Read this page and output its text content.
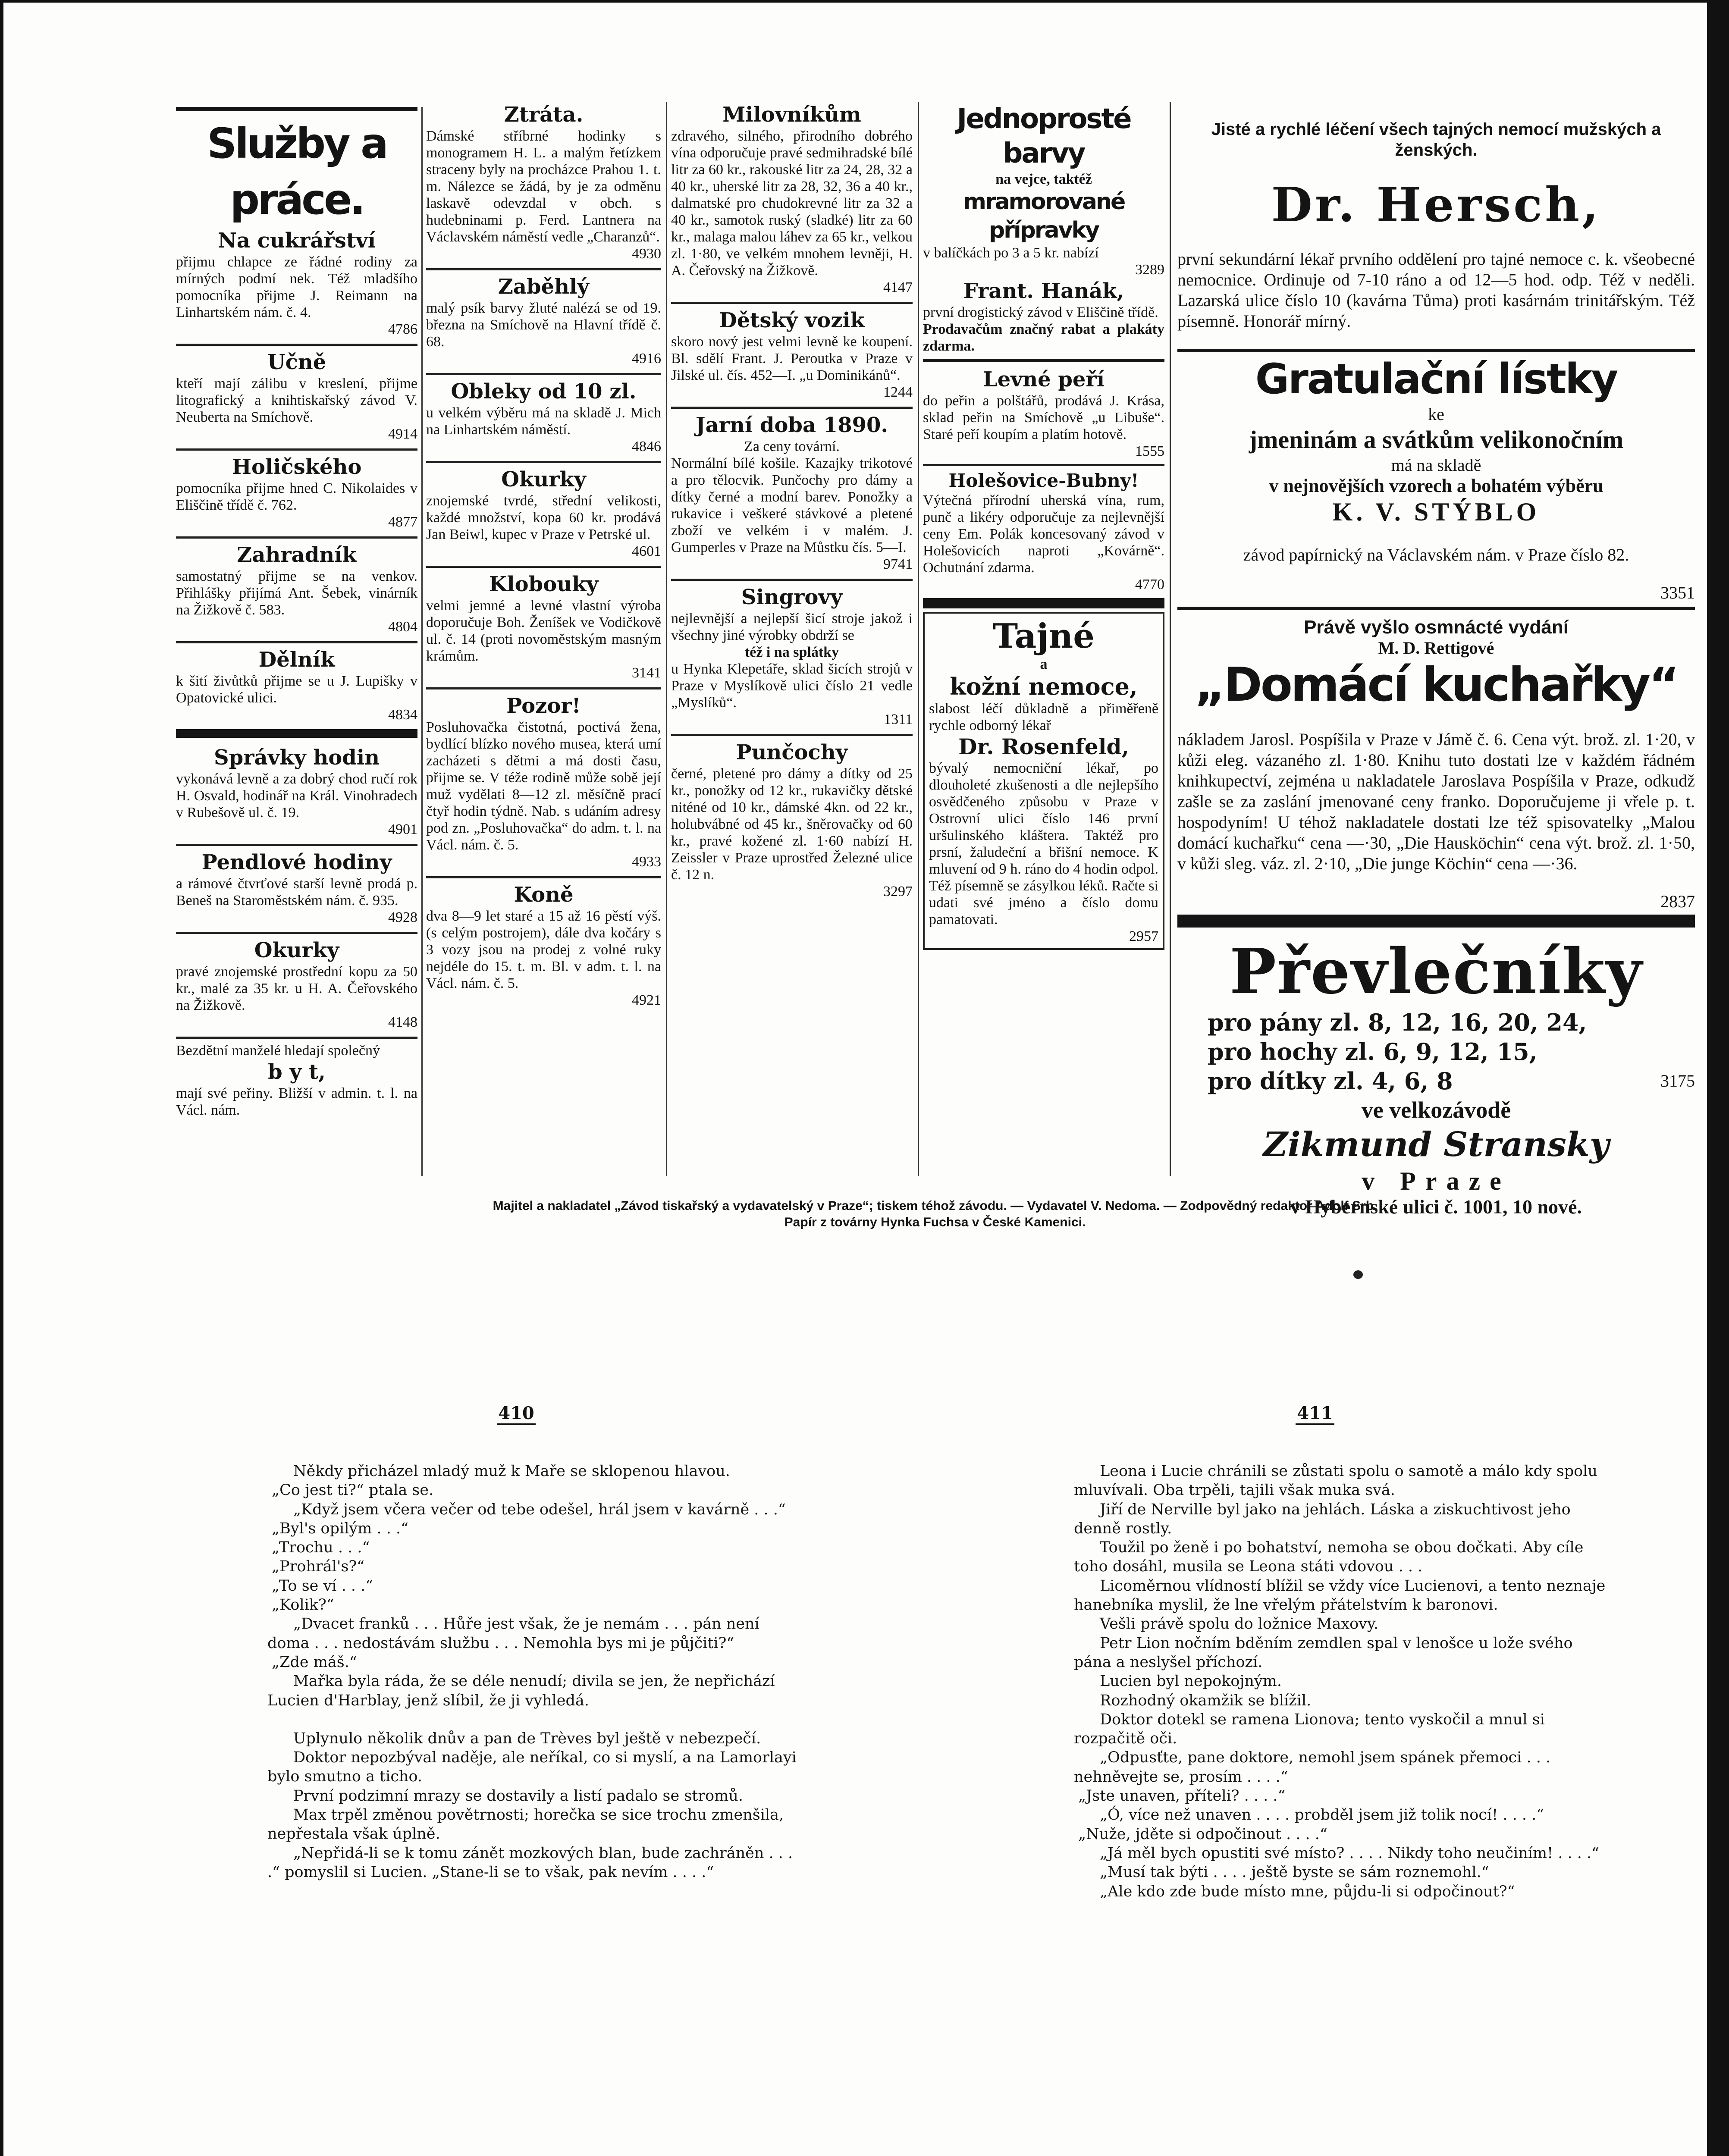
Služby a práce.
Na cukrářství

přijmu chlapce ze řádné rodiny za mírných podmí nek. Též mladšího pomocníka přijme J. Reimann na Linhartském nám. č. 4.

4786
Učně

kteří mají zálibu v kreslení, přijme litografický a knihtiskařský závod V. Neuberta na Smíchově.

4914
Holičského

pomocníka přijme hned C. Nikolaides v Eliščině třídě č. 762.

4877
Zahradník

samostatný přijme se na venkov. Přihlášky přijímá Ant. Šebek, vinárník na Žižkově č. 583.

4804
Dělník

k šití živůtků přijme se u J. Lupišky v Opatovické ulici.

4834
Správky hodin

vykonává levně a za dobrý chod ručí rok H. Osvald, hodinář na Král. Vinohradech v Rubešově ul. č. 19.

4901
Pendlové hodiny

a rámové čtvrťové starší levně prodá p. Beneš na Staroměstském nám. č. 935.

4928
Okurky

pravé znojemské prostřední kopu za 50 kr., malé za 35 kr. u H. A. Čeřovského na Žižkově.

4148

Bezdětní manželé hledají společný

b y t,

mají své peřiny. Bližší v admin. t. l. na Václ. nám.

Ztráta.

Dámské stříbrné hodinky s monogramem H. L. a malým řetízkem straceny byly na procházce Prahou 1. t. m. Nálezce se žádá, by je za odměnu laskavě odevzdal v obch. s hudebninami p. Ferd. Lantnera na Václavském náměstí vedle „Charanzů“.

4930
Zaběhlý

malý psík barvy žluté nalézá se od 19. března na Smíchově na Hlavní třídě č. 68.

4916
Obleky od 10 zl.

u velkém výběru má na skladě J. Mich na Linhartském náměstí.

4846
Okurky

znojemské tvrdé, střední velikosti, každé množství, kopa 60 kr. prodává Jan Beiwl, kupec v Praze v Petrské ul.

4601
Klobouky

velmi jemné a levné vlastní výroba doporučuje Boh. Ženíšek ve Vodičkově ul. č. 14 (proti novoměstským masným krámům.

3141
Pozor!

Posluhovačka čistotná, poctivá žena, bydlící blízko nového musea, která umí zacházeti s dětmi a má dosti času, přijme se. V téže rodině může sobě její muž vydělati 8—12 zl. měsíčně prací čtyř hodin týdně. Nab. s udáním adresy pod zn. „Posluhovačka“ do adm. t. l. na Václ. nám. č. 5.

4933
Koně

dva 8—9 let staré a 15 až 16 pěstí výš. (s celým postrojem), dále dva kočáry s 3 vozy jsou na prodej z volné ruky nejdéle do 15. t. m. Bl. v adm. t. l. na Václ. nám. č. 5.

4921
Milovníkům

zdravého, silného, přirodního dobrého vína odporučuje pravé sedmihradské bílé litr za 60 kr., rakouské litr za 24, 28, 32 a 40 kr., uherské litr za 28, 32, 36 a 40 kr., dalmatské pro chudokrevné litr za 32 a 40 kr., samotok ruský (sladké) litr za 60 kr., malaga malou láhev za 65 kr., velkou zl. 1·80, ve velkém mnohem levněji, H. A. Čeřovský na Žižkově.

4147
Dětský vozik

skoro nový jest velmi levně ke koupení. Bl. sdělí Frant. J. Peroutka v Praze v Jilské ul. čís. 452—I. „u Dominikánů“.

1244
Jarní doba 1890.
Za ceny tovární.

Normální bílé košile. Kazajky trikotové a pro tělocvik. Punčochy pro dámy a dítky černé a modní barev. Ponožky a rukavice i veškeré stávkové a pletené zboží ve velkém i v malém. J. Gumperles v Praze na Můstku čís. 5—I.

9741
Singrovy

nejlevnější a nejlepší šicí stroje jakož i všechny jiné výrobky obdrží se

též i na splátky

u Hynka Klepetáře, sklad šicích strojů v Praze v Myslíkově ulici číslo 21 vedle „Myslíků“.

1311
Punčochy

černé, pletené pro dámy a dítky od 25 kr., ponožky od 12 kr., rukavičky dětské niténé od 10 kr., dámské 4kn. od 22 kr., holubvábné od 45 kr., šněrovačky od 60 kr., pravé kožené zl. 1·60 nabízí H. Zeissler v Praze uprostřed Železné ulice č. 12 n.

3297
Jednoprosté barvy
na vejce, taktéž
mramorované přípravky

v balíčkách po 3 a 5 kr. nabízí

3289
Frant. Hanák,

první drogistický závod v Eliščině třídě.

Prodavačům značný rabat a plakáty zdarma.

Levné peří

do peřin a polštářů, prodává J. Krása, sklad peřin na Smíchově „u Libuše“. Staré peří koupím a platím hotově.

1555
Holešovice-Bubny!

Výtečná přírodní uherská vína, rum, punč a likéry odporučuje za nejlevnější ceny Em. Polák koncesovaný závod v Holešovicích naproti „Kovárně“. Ochutnání zdarma.

4770
Tajné
a
kožní nemoce,

slabost léčí důkladně a přiměřeně rychle odborný lékař

Dr. Rosenfeld,

bývalý nemocniční lékař, po dlouholeté zkušenosti a dle nejlepšího osvědčeného způsobu v Praze v Ostrovní ulici číslo 146 první uršulinského kláštera. Taktéž pro prsní, žaludeční a břišní nemoce. K mluvení od 9 h. ráno do 4 hodin odpol. Též písemně se zásylkou léků. Račte si udati své jméno a číslo domu pamatovati.

2957

Jisté a rychlé léčení všech tajných nemocí mužských a ženských.

Dr. Hersch,

první sekundární lékař prvního oddělení pro tajné nemoce c. k. všeobecné nemocnice. Ordinuje od 7-10 ráno a od 12—5 hod. odp. Též v neděli. Lazarská ulice číslo 10 (kavárna Tůma) proti kasárnám trinitářským. Též písemně. Honorář mírný.

Gratulační lístky
ke
jmeninám a svátkům velikonočním
má na skladě
v nejnovějších vzorech a bohatém výběru
K. V. STÝBLO

závod papírnický na Václavském nám. v Praze číslo 82.

3351
Právě vyšlo osmnácté vydání
M. D. Rettigové
„Domácí kuchařky“

nákladem Jarosl. Pospíšila v Praze v Jámě č. 6. Cena výt. brož. zl. 1·20, v kůži eleg. vázaného zl. 1·80. Knihu tuto dostati lze v každém řádném knihkupectví, zejména u nakladatele Jaroslava Pospíšila v Praze, odkudž zašle se za zaslání jmenované ceny franko. Doporučujeme ji vřele p. t. hospodyním! U téhož nakladatele dostati lze též spisovatelky „Malou domácí kuchařku“ cena —·30, „Die Hausköchin“ cena výt. brož. zl. 1·50, v kůži sleg. váz. zl. 2·10, „Die junge Köchin“ cena —·36.

2837
Převlečníky
pro pány zl. 8, 12, 16, 20, 24,
pro hochy zl. 6, 9, 12, 15,
pro dítky zl. 4, 6, 8	3175
ve velkozávodě
Zikmund Stransky
v Praze
v Hybernské ulici č. 1001, 10 nové.
Majitel a nakladatel „Závod tiskařský a vydavatelský v Praze“; tiskem téhož závodu. — Vydavatel V. Nedoma. — Zodpovědný redaktor Adolf Srb.
Papír z továrny Hynka Fuchsa v České Kamenici.
410	411

Někdy přicházel mladý muž k Maře se sklopenou hlavou.

„Co jest ti?“ ptala se.

„Když jsem včera večer od tebe odešel, hrál jsem v kavárně . . .“

„Byl's opilým . . .“

„Trochu . . .“

„Prohrál's?“

„To se ví . . .“

„Kolik?“

„Dvacet franků . . . Hůře jest však, že je nemám . . . pán není doma . . . nedostávám službu . . . Nemohla bys mi je půjčiti?“

„Zde máš.“

Mařka byla ráda, že se déle nenudí; divila se jen, že nepřichází Lucien d'Harblay, jenž slíbil, že ji vyhledá.

Uplynulo několik dnův a pan de Trèves byl ještě v nebezpečí.

Doktor nepozbýval naděje, ale neříkal, co si myslí, a na Lamorlayi bylo smutno a ticho.

První podzimní mrazy se dostavily a listí padalo se stromů.

Max trpěl změnou povětrnosti; horečka se sice trochu zmenšila, nepřestala však úplně.

„Nepřidá-li se k tomu zánět mozkových blan, bude zachráněn . . . .“ pomyslil si Lucien. „Stane-li se to však, pak nevím . . . .“

Leona i Lucie chránili se zůstati spolu o samotě a málo kdy spolu mluvívali. Oba trpěli, tajili však muka svá.

Jiří de Nerville byl jako na jehlách. Láska a ziskuchtivost jeho denně rostly.

Toužil po ženě i po bohatství, nemoha se obou dočkati. Aby cíle toho dosáhl, musila se Leona státi vdovou . . .

Licoměrnou vlídností blížil se vždy více Lucienovi, a tento neznaje hanebníka myslil, že lne vřelým přátelstvím k baronovi.

Vešli právě spolu do ložnice Maxovy.

Petr Lion nočním bděním zemdlen spal v lenošce u lože svého pána a neslyšel příchozí.

Lucien byl nepokojným.

Rozhodný okamžik se blížil.

Doktor dotekl se ramena Lionova; tento vyskočil a mnul si rozpačitě oči.

„Odpusťte, pane doktore, nemohl jsem spánek přemoci . . . nehněvejte se, prosím . . . .“

„Jste unaven, příteli? . . . .“

„Ó, více než unaven . . . . probděl jsem již tolik nocí! . . . .“

„Nuže, jděte si odpočinout . . . .“

„Já měl bych opustiti své místo? . . . . Nikdy toho neučiním! . . . .“

„Musí tak býti . . . . ještě byste se sám roznemohl.“

„Ale kdo zde bude místo mne, půjdu-li si odpočinout?“
